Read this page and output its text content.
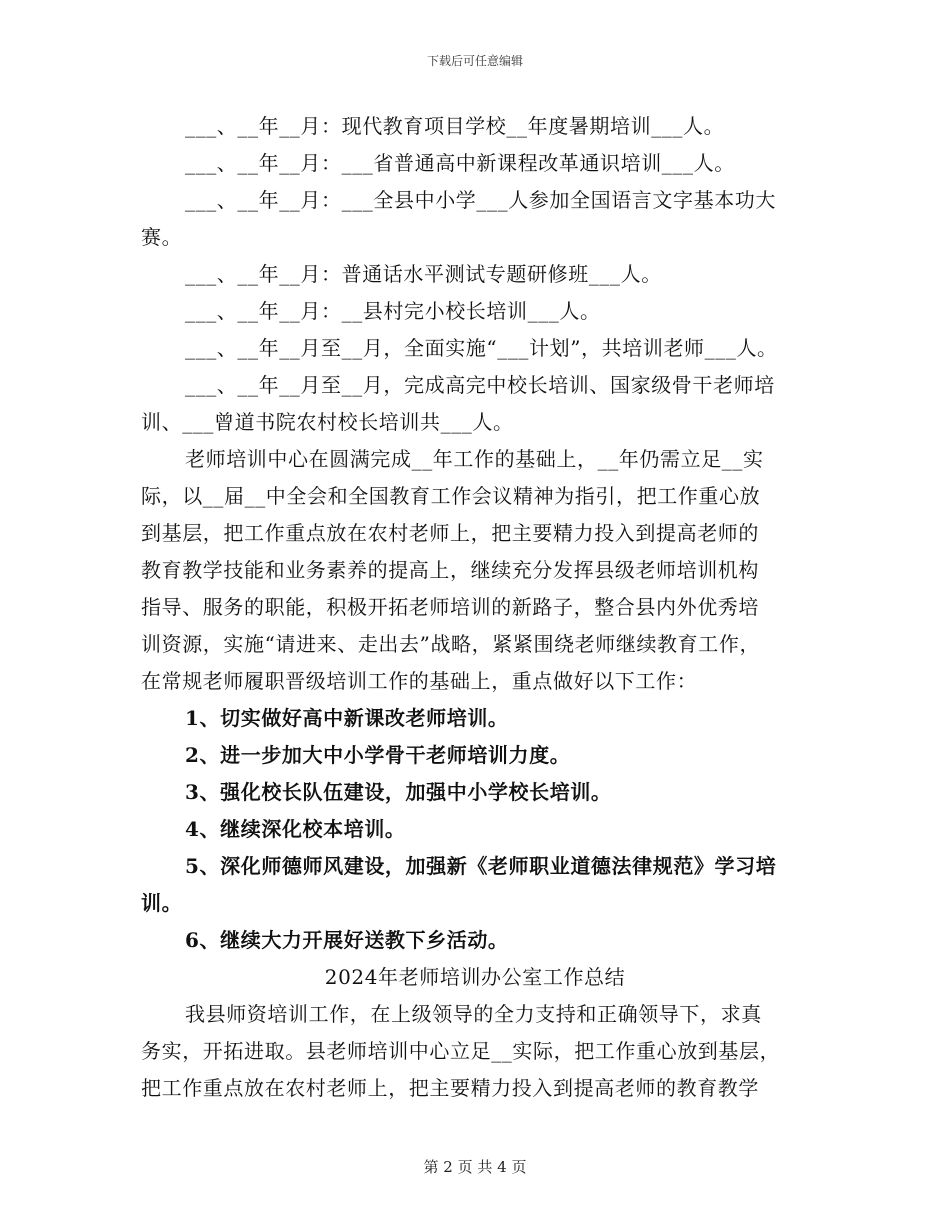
下载后可任意编辑
___、__年__月：现代教育项目学校__年度暑期培训___人。
___、__年__月：___省普通高中新课程改革通识培训___人。
___、__年__月：___全县中小学___人参加全国语言文字基本功大
赛。
___、__年__月：普通话水平测试专题研修班___人。
___、__年__月：__县村完小校长培训___人。
___、__年__月至__月，全面实施“___计划”，共培训老师___人。
___、__年__月至__月，完成高完中校长培训、国家级骨干老师培
训、___曾道书院农村校长培训共___人。
老师培训中心在圆满完成__年工作的基础上，__年仍需立足__实
际，以__届__中全会和全国教育工作会议精神为指引，把工作重心放
到基层，把工作重点放在农村老师上，把主要精力投入到提高老师的
教育教学技能和业务素养的提高上，继续充分发挥县级老师培训机构
指导、服务的职能，积极开拓老师培训的新路子，整合县内外优秀培
训资源，实施“请进来、走出去”战略，紧紧围绕老师继续教育工作，
在常规老师履职晋级培训工作的基础上，重点做好以下工作：
1、切实做好高中新课改老师培训。
2、进一步加大中小学骨干老师培训力度。
3、强化校长队伍建设，加强中小学校长培训。
4、继续深化校本培训。
5、深化师德师风建设，加强新《老师职业道德法律规范》学习培
训。
6、继续大力开展好送教下乡活动。
2024年老师培训办公室工作总结
我县师资培训工作，在上级领导的全力支持和正确领导下，求真
务实，开拓进取。县老师培训中心立足__实际，把工作重心放到基层，
把工作重点放在农村老师上，把主要精力投入到提高老师的教育教学
第 2 页 共 4 页
